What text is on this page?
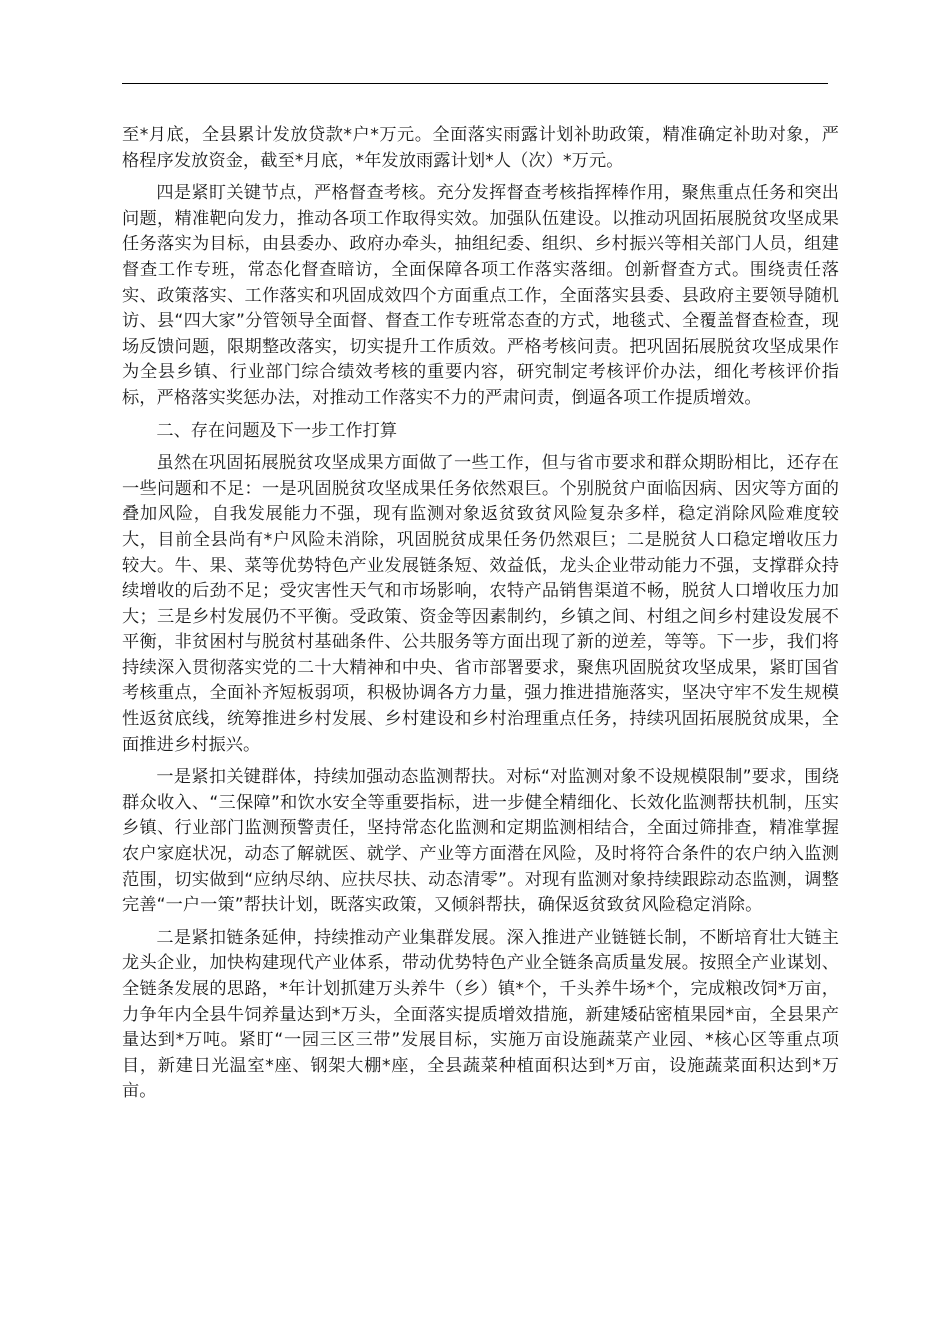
至*月底，全县累计发放贷款*户*万元。全面落实雨露计划补助政策，精准确定补助对象，严格程序发放资金，截至*月底，*年发放雨露计划*人（次）*万元。

四是紧盯关键节点，严格督查考核。充分发挥督查考核指挥棒作用，聚焦重点任务和突出问题，精准靶向发力，推动各项工作取得实效。加强队伍建设。以推动巩固拓展脱贫攻坚成果任务落实为目标，由县委办、政府办牵头，抽组纪委、组织、乡村振兴等相关部门人员，组建督查工作专班，常态化督查暗访，全面保障各项工作落实落细。创新督查方式。围绕责任落实、政策落实、工作落实和巩固成效四个方面重点工作，全面落实县委、县政府主要领导随机访、县“四大家”分管领导全面督、督查工作专班常态查的方式，地毯式、全覆盖督查检查，现场反馈问题，限期整改落实，切实提升工作质效。严格考核问责。把巩固拓展脱贫攻坚成果作为全县乡镇、行业部门综合绩效考核的重要内容，研究制定考核评价办法，细化考核评价指标，严格落实奖惩办法，对推动工作落实不力的严肃问责，倒逼各项工作提质增效。

二、存在问题及下一步工作打算

虽然在巩固拓展脱贫攻坚成果方面做了一些工作，但与省市要求和群众期盼相比，还存在一些问题和不足：一是巩固脱贫攻坚成果任务依然艰巨。个别脱贫户面临因病、因灾等方面的叠加风险，自我发展能力不强，现有监测对象返贫致贫风险复杂多样，稳定消除风险难度较大，目前全县尚有*户风险未消除，巩固脱贫成果任务仍然艰巨；二是脱贫人口稳定增收压力较大。牛、果、菜等优势特色产业发展链条短、效益低，龙头企业带动能力不强，支撑群众持续增收的后劲不足；受灾害性天气和市场影响，农特产品销售渠道不畅，脱贫人口增收压力加大；三是乡村发展仍不平衡。受政策、资金等因素制约，乡镇之间、村组之间乡村建设发展不平衡，非贫困村与脱贫村基础条件、公共服务等方面出现了新的逆差，等等。下一步，我们将持续深入贯彻落实党的二十大精神和中央、省市部署要求，聚焦巩固脱贫攻坚成果，紧盯国省考核重点，全面补齐短板弱项，积极协调各方力量，强力推进措施落实，坚决守牢不发生规模性返贫底线，统筹推进乡村发展、乡村建设和乡村治理重点任务，持续巩固拓展脱贫成果，全面推进乡村振兴。

一是紧扣关键群体，持续加强动态监测帮扶。对标“对监测对象不设规模限制”要求，围绕群众收入、“三保障”和饮水安全等重要指标，进一步健全精细化、长效化监测帮扶机制，压实乡镇、行业部门监测预警责任，坚持常态化监测和定期监测相结合，全面过筛排查，精准掌握农户家庭状况，动态了解就医、就学、产业等方面潜在风险，及时将符合条件的农户纳入监测范围，切实做到“应纳尽纳、应扶尽扶、动态清零”。对现有监测对象持续跟踪动态监测，调整完善“一户一策”帮扶计划，既落实政策，又倾斜帮扶，确保返贫致贫风险稳定消除。

二是紧扣链条延伸，持续推动产业集群发展。深入推进产业链链长制，不断培育壮大链主龙头企业，加快构建现代产业体系，带动优势特色产业全链条高质量发展。按照全产业谋划、全链条发展的思路，*年计划抓建万头养牛（乡）镇*个，千头养牛场*个，完成粮改饲*万亩，力争年内全县牛饲养量达到*万头，全面落实提质增效措施，新建矮砧密植果园*亩，全县果产量达到*万吨。紧盯“一园三区三带”发展目标，实施万亩设施蔬菜产业园、*核心区等重点项目，新建日光温室*座、钢架大棚*座，全县蔬菜种植面积达到*万亩，设施蔬菜面积达到*万亩。
